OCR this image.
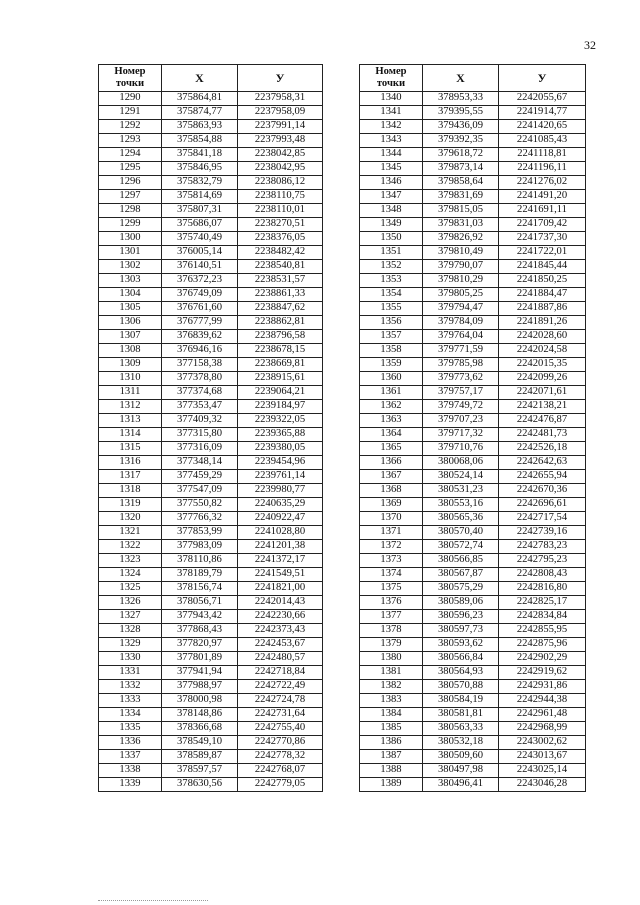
32
Номер
точки	X	У
1290	375864,81	2237958,31
1291	375874,77	2237958,09
1292	375863,93	2237991,14
1293	375854,88	2237993,48
1294	375841,18	2238042,85
1295	375846,95	2238042,95
1296	375832,79	2238086,12
1297	375814,69	2238110,75
1298	375807,31	2238110,01
1299	375686,07	2238270,51
1300	375740,49	2238376,05
1301	376005,14	2238482,42
1302	376140,51	2238540,81
1303	376372,23	2238531,57
1304	376749,09	2238861,33
1305	376761,60	2238847,62
1306	376777,99	2238862,81
1307	376839,62	2238796,58
1308	376946,16	2238678,15
1309	377158,38	2238669,81
1310	377378,80	2238915,61
1311	377374,68	2239064,21
1312	377353,47	2239184,97
1313	377409,32	2239322,05
1314	377315,80	2239365,88
1315	377316,09	2239380,05
1316	377348,14	2239454,96
1317	377459,29	2239761,14
1318	377547,09	2239980,77
1319	377550,82	2240635,29
1320	377766,32	2240922,47
1321	377853,99	2241028,80
1322	377983,09	2241201,38
1323	378110,86	2241372,17
1324	378189,79	2241549,51
1325	378156,74	2241821,00
1326	378056,71	2242014,43
1327	377943,42	2242230,66
1328	377868,43	2242373,43
1329	377820,97	2242453,67
1330	377801,89	2242480,57
1331	377941,94	2242718,84
1332	377988,97	2242722,49
1333	378000,98	2242724,78
1334	378148,86	2242731,64
1335	378366,68	2242755,40
1336	378549,10	2242770,86
1337	378589,87	2242778,32
1338	378597,57	2242768,07
1339	378630,56	2242779,05
Номер
точки	X	У
1340	378953,33	2242055,67
1341	379395,55	2241914,77
1342	379436,09	2241420,65
1343	379392,35	2241085,43
1344	379618,72	2241118,81
1345	379873,14	2241196,11
1346	379858,64	2241276,02
1347	379831,69	2241491,20
1348	379815,05	2241691,11
1349	379831,03	2241709,42
1350	379826,92	2241737,30
1351	379810,49	2241722,01
1352	379790,07	2241845,44
1353	379810,29	2241850,25
1354	379805,25	2241884,47
1355	379794,47	2241887,86
1356	379784,09	2241891,26
1357	379764,04	2242028,60
1358	379771,59	2242024,58
1359	379785,98	2242015,35
1360	379773,62	2242099,26
1361	379757,17	2242071,61
1362	379749,72	2242138,21
1363	379707,23	2242476,87
1364	379717,32	2242481,73
1365	379710,76	2242526,18
1366	380068,06	2242642,63
1367	380524,14	2242655,94
1368	380531,23	2242670,36
1369	380553,16	2242696,61
1370	380565,36	2242717,54
1371	380570,40	2242739,16
1372	380572,74	2242783,23
1373	380566,85	2242795,23
1374	380567,87	2242808,43
1375	380575,29	2242816,80
1376	380589,06	2242825,17
1377	380596,23	2242834,84
1378	380597,73	2242855,95
1379	380593,62	2242875,96
1380	380566,84	2242902,29
1381	380564,93	2242919,62
1382	380570,88	2242931,86
1383	380584,19	2242944,38
1384	380581,81	2242961,48
1385	380563,33	2242968,99
1386	380532,18	2243002,62
1387	380509,60	2243013,67
1388	380497,98	2243025,14
1389	380496,41	2243046,28
